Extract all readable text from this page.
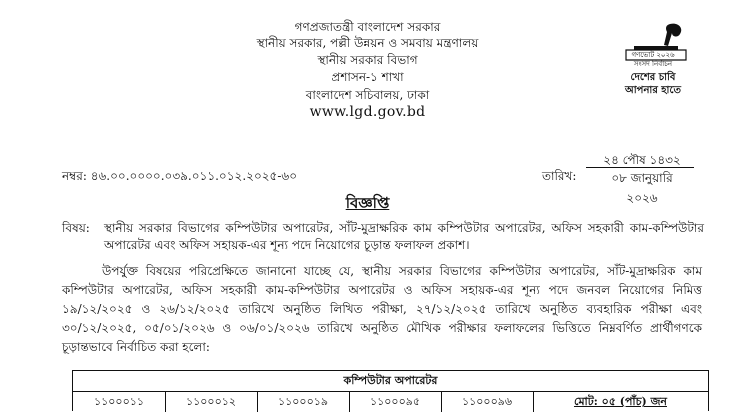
গণপ্রজাতন্ত্রী বাংলাদেশ সরকার
স্থানীয় সরকার, পল্লী উন্নয়ন ও সমবায় মন্ত্রণালয়
স্থানীয় সরকার বিভাগ
প্রশাসন-১ শাখা
বাংলাদেশ সচিবালয়, ঢাকা
www.lgd.gov.bd
গণভোট ২০২৬
সংসদ নির্বাচন
দেশের চাবি
আপনার হাতে
নম্বর: ৪৬.০০.০০০০.০৩৯.০১১.০১২.২০২৫-৬০	তারিখ:
২৪ পৌষ ১৪৩২
০৮ জানুয়ারি ২০২৬
বিজ্ঞপ্তি
বিষয়: স্থানীয় সরকার বিভাগের কম্পিউটার অপারেটর, সাঁট-মুদ্রাক্ষরিক কাম কম্পিউটার অপারেটর, অফিস সহকারী কাম-কম্পিউটার অপারেটর এবং অফিস সহায়ক-এর শূন্য পদে নিয়োগের চূড়ান্ত ফলাফল প্রকাশ।
উপর্যুক্ত বিষয়ের পরিপ্রেক্ষিতে জানানো যাচ্ছে যে, স্থানীয় সরকার বিভাগের কম্পিউটার অপারেটর, সাঁট-মুদ্রাক্ষরিক কাম কম্পিউটার অপারেটর, অফিস সহকারী কাম-কম্পিউটার অপারেটর ও অফিস সহায়ক-এর শূন্য পদে জনবল নিয়োগের নিমিত্ত ১৯/১২/২০২৫ ও ২৬/১২/২০২৫ তারিখে অনুষ্ঠিত লিখিত পরীক্ষা, ২৭/১২/২০২৫ তারিখে অনুষ্ঠিত ব্যবহারিক পরীক্ষা এবং ৩০/১২/২০২৫, ০৫/০১/২০২৬ ও ০৬/০১/২০২৬ তারিখে অনুষ্ঠিত মৌখিক পরীক্ষার ফলাফলের ভিত্তিতে নিম্নবর্ণিত প্রার্থীগণকে চূড়ান্তভাবে নির্বাচিত করা হলো:
কম্পিউটার অপারেটর
১১০০০১১	১১০০০১২	১১০০০১৯	১১০০০৯৫	১১০০০৯৬	মোট: ০৫ (পাঁচ) জন
